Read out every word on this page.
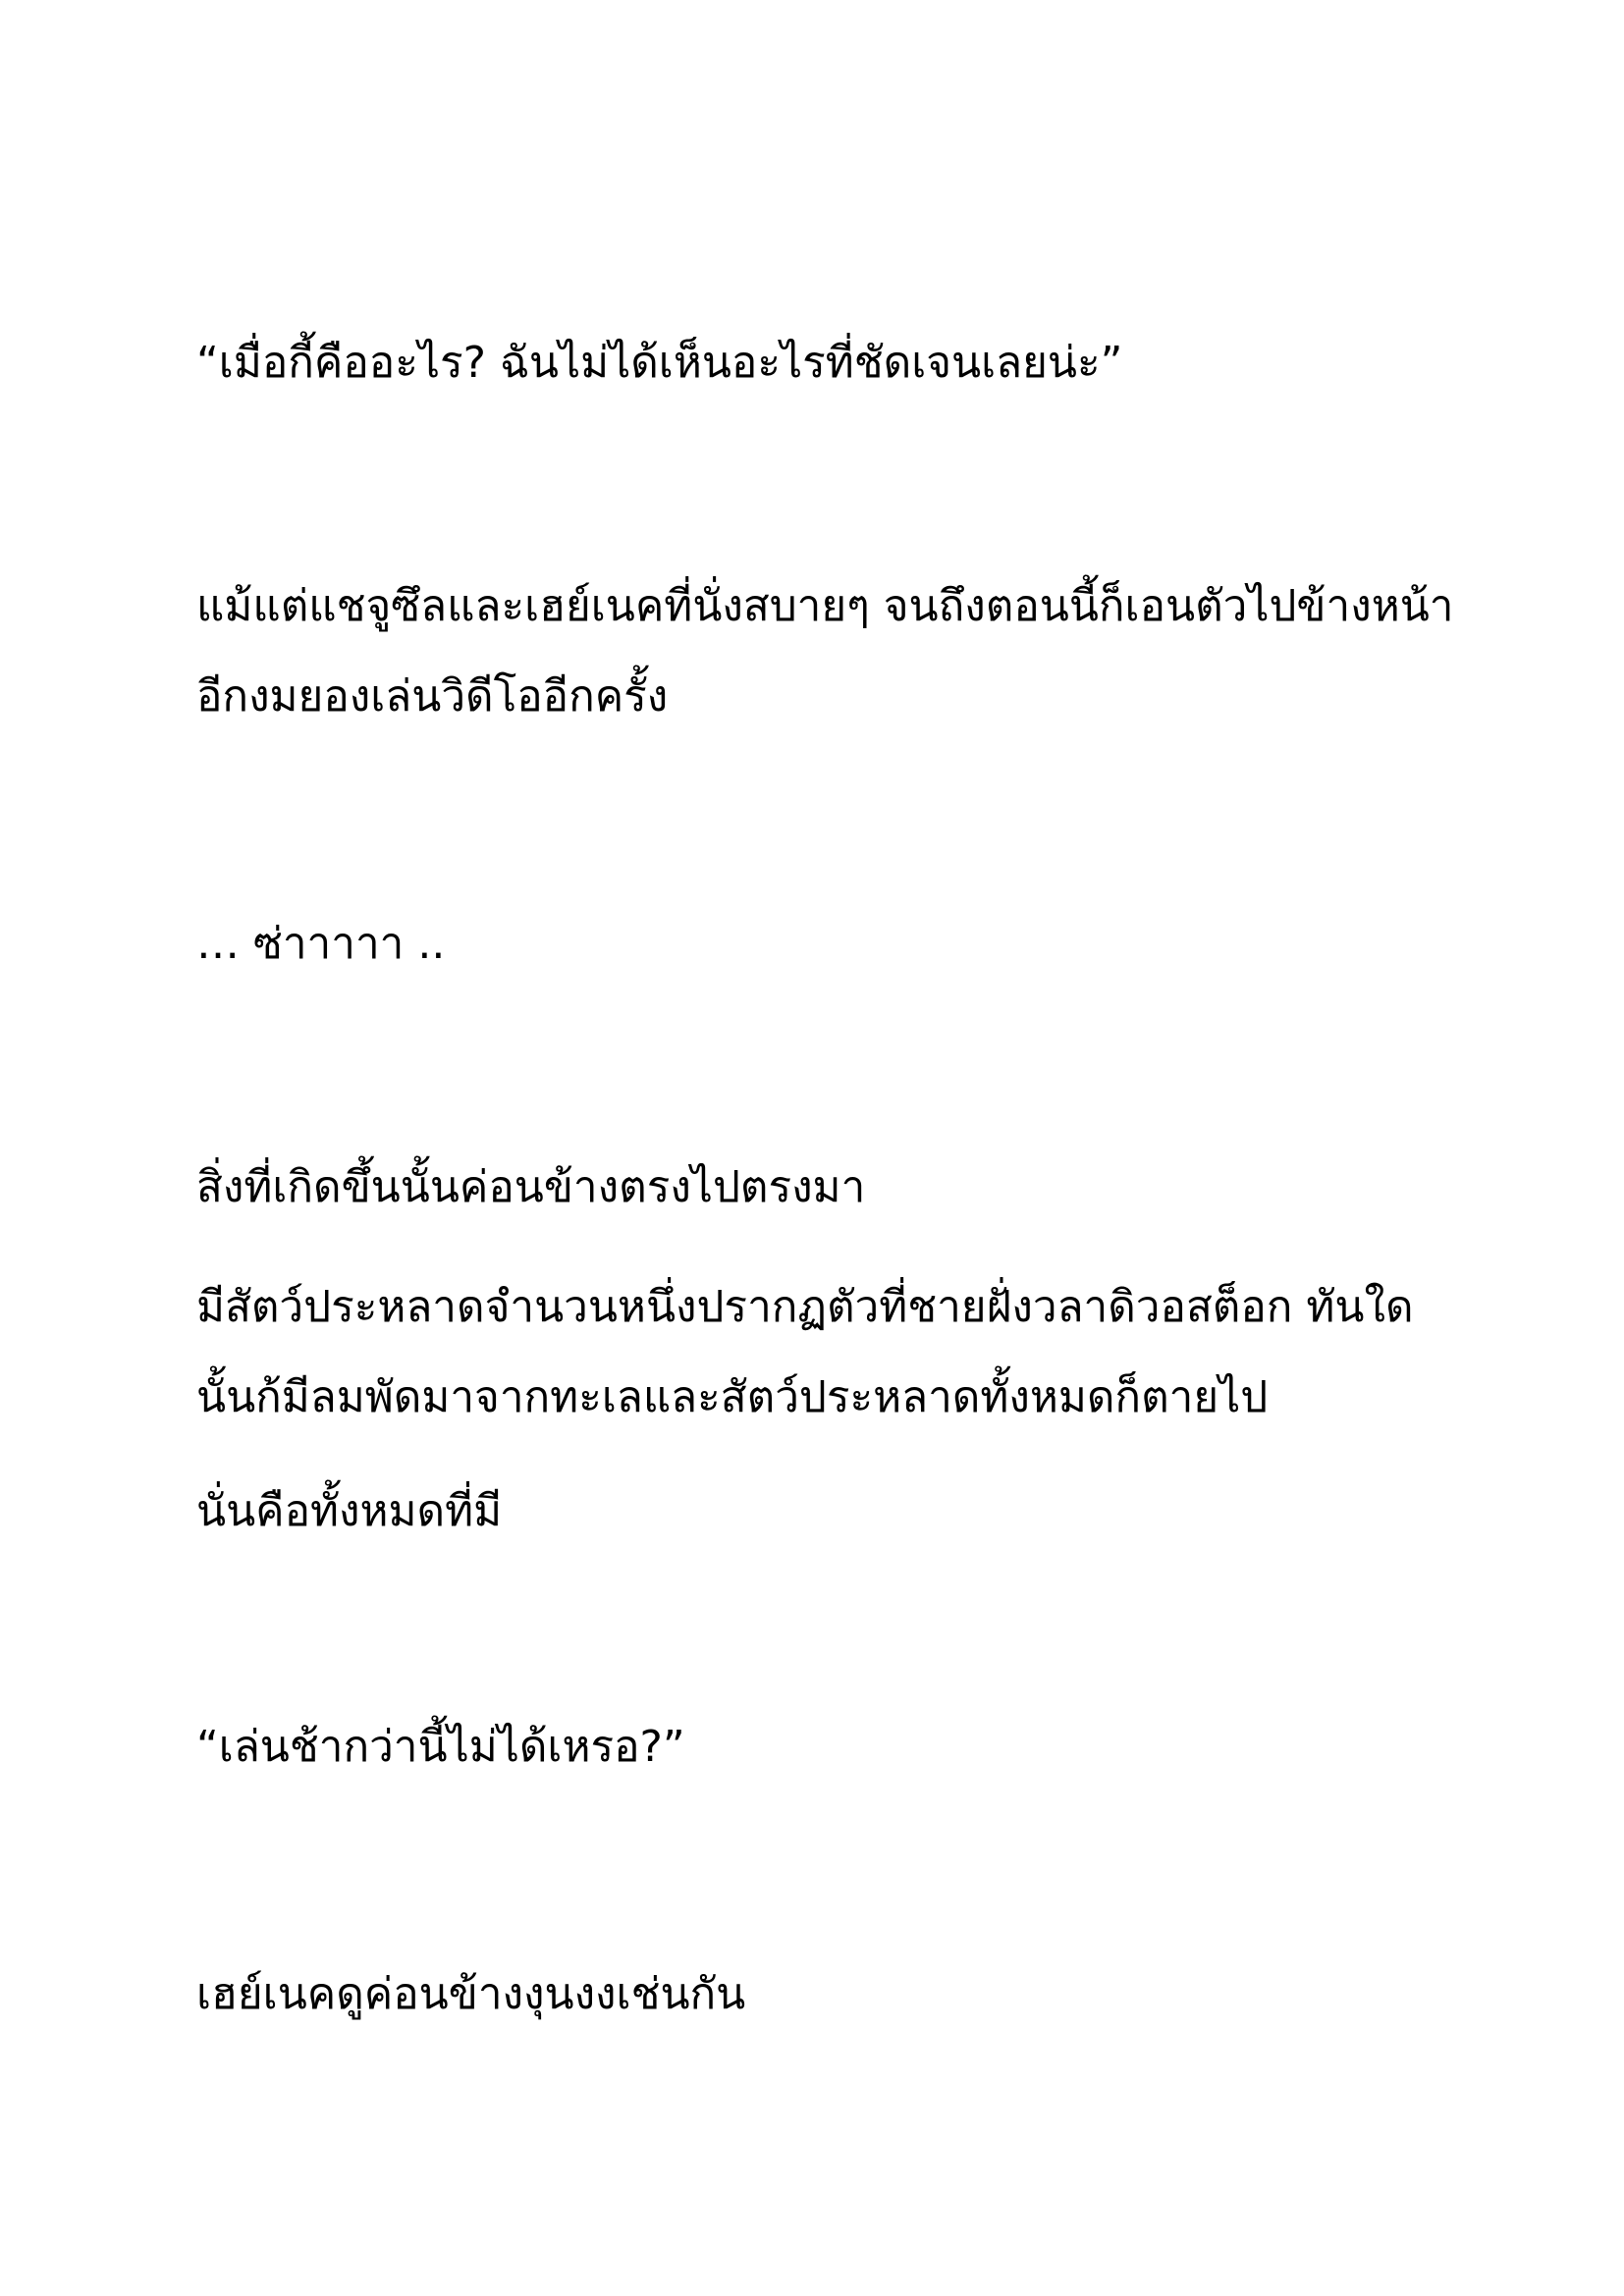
“เมื่อกี้คืออะไร? ฉันไม่ได้เห็นอะไรที่ชัดเจนเลยน่ะ”

แม้แต่แชจูซึลและเฮย์เนคที่นั่งสบายๆ จนถึงตอนนี้ก็เอนตัวไปข้างหน้า

อีกงมยองเล่นวิดีโออีกครั้ง

… ซ่าาาาา ..

สิ่งที่เกิดขึ้นนั้นค่อนข้างตรงไปตรงมา

มีสัตว์ประหลาดจำนวนหนึ่งปรากฏตัวที่ชายฝั่งวลาดิวอสต็อก ทันใด

นั้นก้มีลมพัดมาจากทะเลและสัตว์ประหลาดทั้งหมดก็ตายไป

นั่นคือทั้งหมดที่มี

“เล่นช้ากว่านี้ไม่ได้เหรอ?”

เฮย์เนคดูค่อนข้างงุนงงเช่นกัน
